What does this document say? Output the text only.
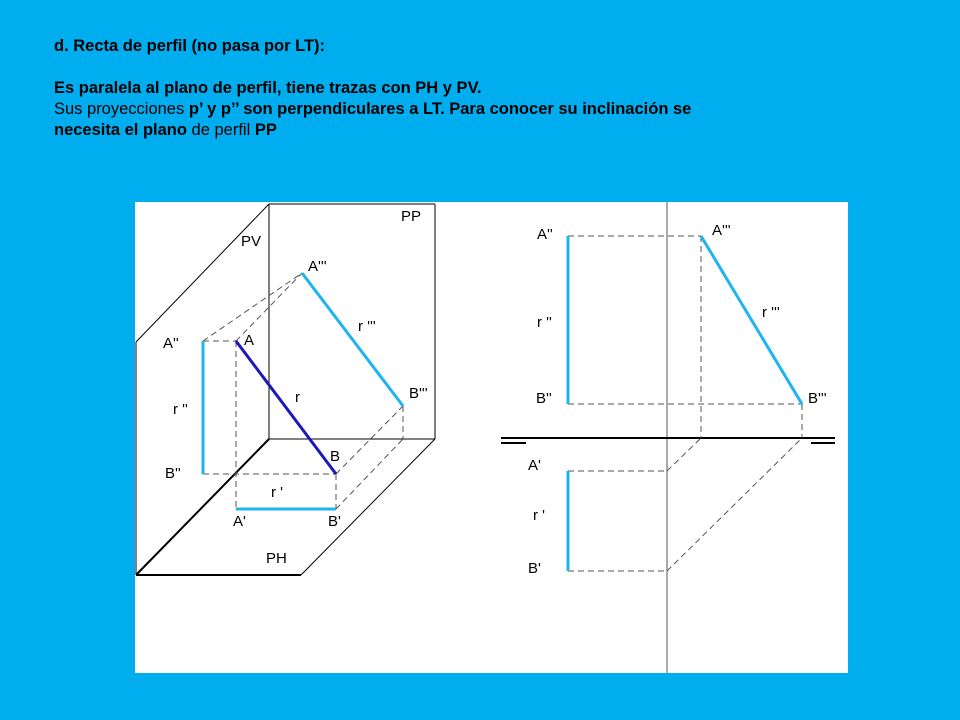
d. Recta de perfil (no pasa por LT):
Es paralela al plano de perfil, tiene trazas con PH y PV.
Sus proyecciones p’ y p’’ son perpendiculares a LT. Para conocer su inclinación se
necesita el plano de perfil PP
PP
PV
PH
A'''
r '''
B'''
A''
r ''
B''
A
r
B
r '
A'	B'
A''
r ''
B''
A'''
r '''
B'''
A'
r '
B'
